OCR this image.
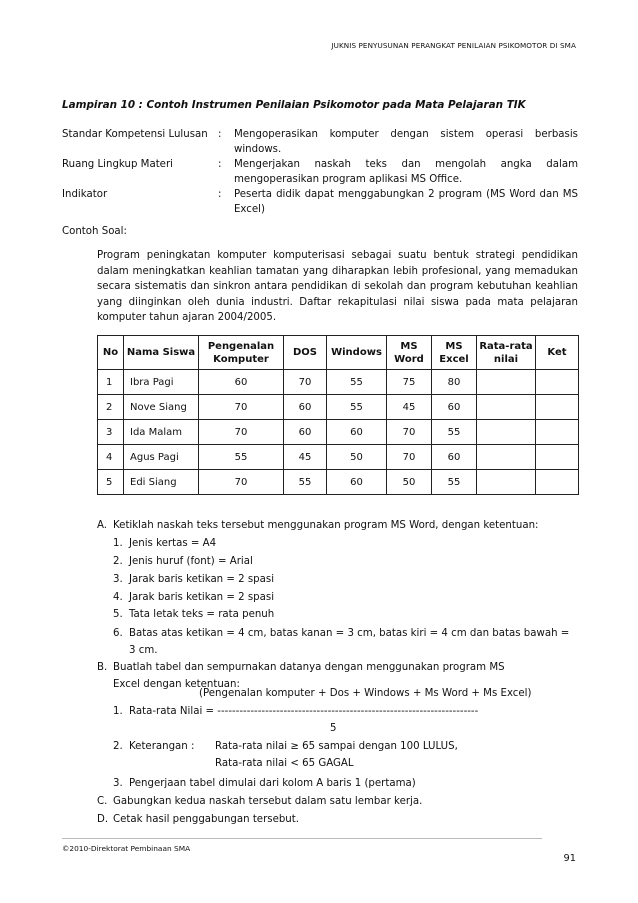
JUKNIS PENYUSUNAN PERANGKAT PENILAIAN PSIKOMOTOR DI SMA
Lampiran 10 : Contoh Instrumen Penilaian Psikomotor pada Mata Pelajaran TIK
Standar Kompetensi Lulusan : Mengoperasikan komputer dengan sistem operasi berbasis windows.
Ruang Lingkup Materi	: Mengerjakan naskah teks dan mengolah angka dalam mengoperasikan program aplikasi MS Office.
Indikator	: Peserta didik dapat menggabungkan 2 program (MS Word dan MS Excel)
Contoh Soal:
Program peningkatan komputer komputerisasi sebagai suatu bentuk strategi pendidikan dalam meningkatkan keahlian tamatan yang diharapkan lebih profesional, yang memadukan secara sistematis dan sinkron antara pendidikan di sekolah dan program kebutuhan keahlian yang diinginkan oleh dunia industri. Daftar rekapitulasi nilai siswa pada mata pelajaran komputer tahun ajaran 2004/2005.
No	Nama Siswa	Pengenalan Komputer	DOS	Windows	MS Word	MS Excel	Rata-rata nilai	Ket
1	Ibra Pagi	60	70	55	75	80		
2	Nove Siang	70	60	55	45	60		
3	Ida Malam	70	60	60	70	55		
4	Agus Pagi	55	45	50	70	60		
5	Edi Siang	70	55	60	50	55		
A. Ketiklah naskah teks tersebut menggunakan program MS Word, dengan ketentuan:
1. Jenis kertas = A4
2. Jenis huruf (font) = Arial
3. Jarak baris ketikan = 2 spasi
4. Jarak baris ketikan = 2 spasi
5. Tata letak teks = rata penuh
6. Batas atas ketikan = 4 cm, batas kanan = 3 cm, batas kiri = 4 cm dan batas bawah = 3 cm.
B. Buatlah tabel dan sempurnakan datanya dengan menggunakan program MS Excel dengan ketentuan:
(Pengenalan komputer + Dos + Windows + Ms Word + Ms Excel)
1. Rata-rata Nilai = -----------------------------------------------------------------------
5
2. Keterangan : Rata-rata nilai ≥ 65 sampai dengan 100 LULUS,
Rata-rata nilai < 65 GAGAL
3. Pengerjaan tabel dimulai dari kolom A baris 1 (pertama)
C. Gabungkan kedua naskah tersebut dalam satu lembar kerja.
D. Cetak hasil penggabungan tersebut.
©2010-Direktorat Pembinaan SMA
91
